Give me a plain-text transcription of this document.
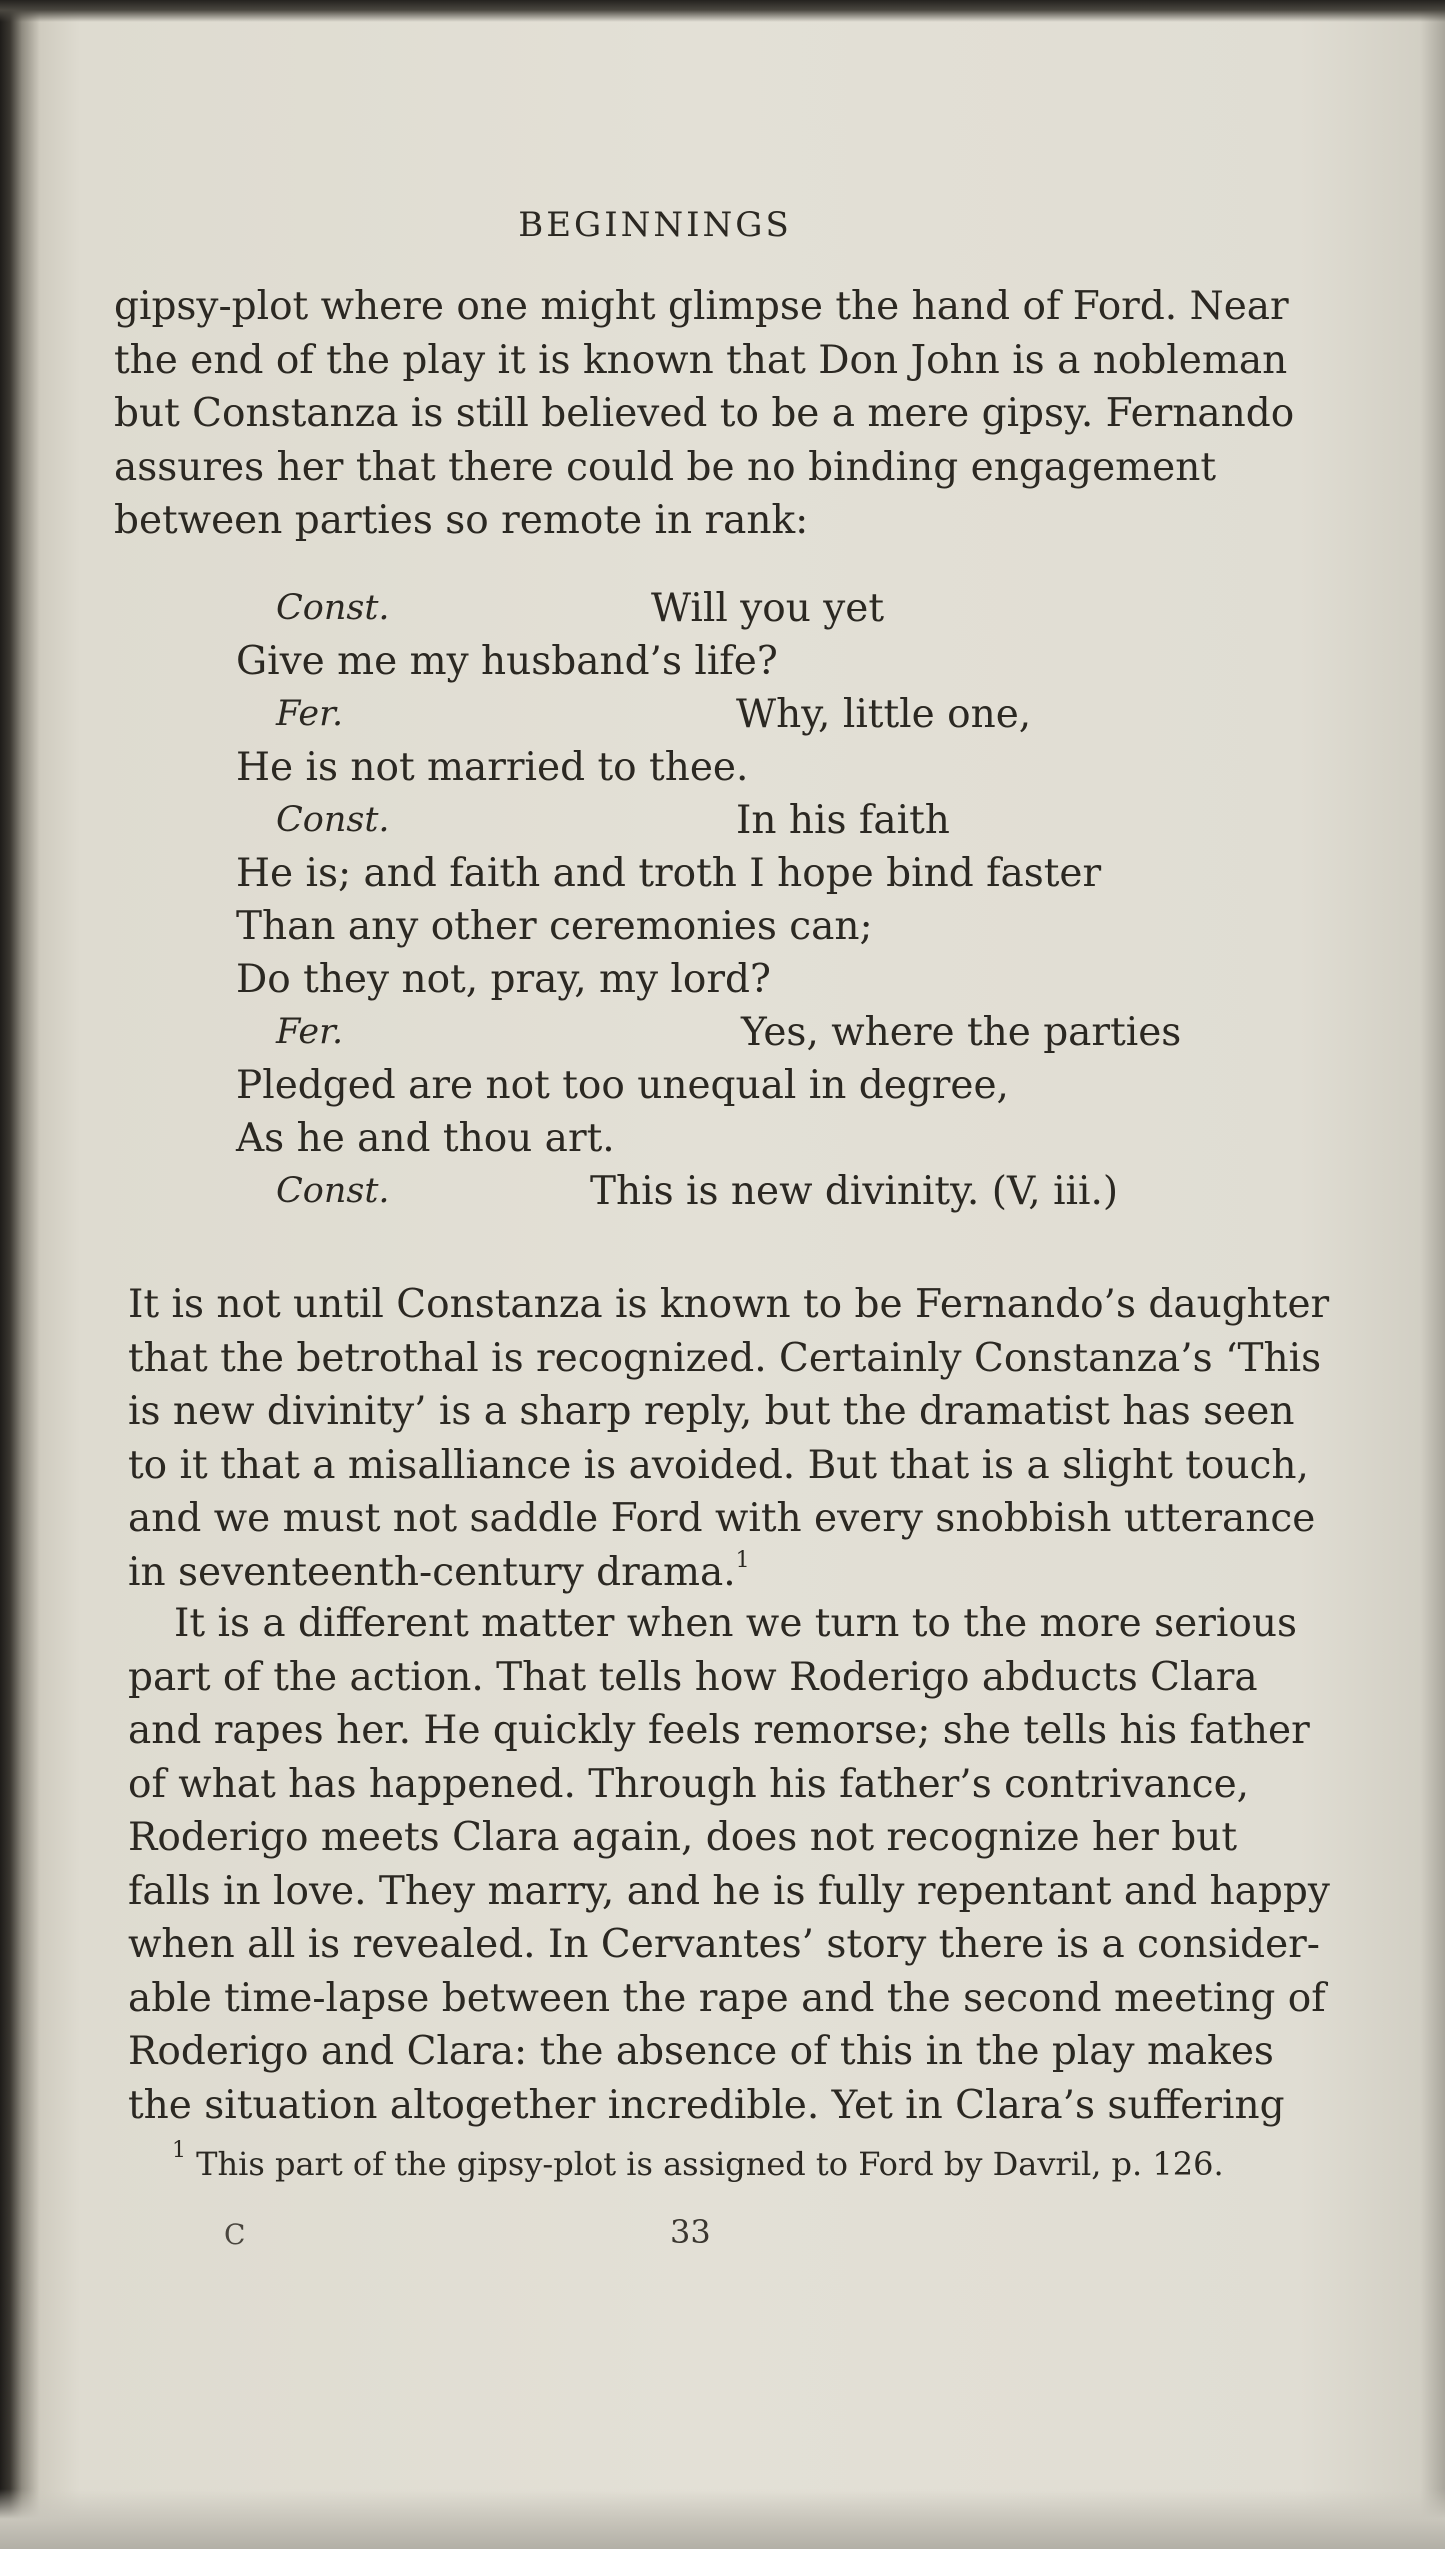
BEGINNINGS
gipsy-plot where one might glimpse the hand of Ford. Near
the end of the play it is known that Don John is a nobleman
but Constanza is still believed to be a mere gipsy. Fernando
assures her that there could be no binding engagement
between parties so remote in rank:
Const.	Will you yet
Give me my husband’s life?
Fer.	Why, little one,
He is not married to thee.
Const.	In his faith
He is; and faith and troth I hope bind faster
Than any other ceremonies can;
Do they not, pray, my lord?
Fer.	Yes, where the parties
Pledged are not too unequal in degree,
As he and thou art.
Const.	This is new divinity. (V, iii.)
It is not until Constanza is known to be Fernando’s daughter
that the betrothal is recognized. Certainly Constanza’s ‘This
is new divinity’ is a sharp reply, but the dramatist has seen
to it that a misalliance is avoided. But that is a slight touch,
and we must not saddle Ford with every snobbish utterance
in seventeenth-century drama.$^1$
It is a different matter when we turn to the more serious
part of the action. That tells how Roderigo abducts Clara
and rapes her. He quickly feels remorse; she tells his father
of what has happened. Through his father’s contrivance,
Roderigo meets Clara again, does not recognize her but
falls in love. They marry, and he is fully repentant and happy
when all is revealed. In Cervantes’ story there is a consider-
able time-lapse between the rape and the second meeting of
Roderigo and Clara: the absence of this in the play makes
the situation altogether incredible. Yet in Clara’s suffering
$^1$ This part of the gipsy-plot is assigned to Ford by Davril, p. 126.
C	33
